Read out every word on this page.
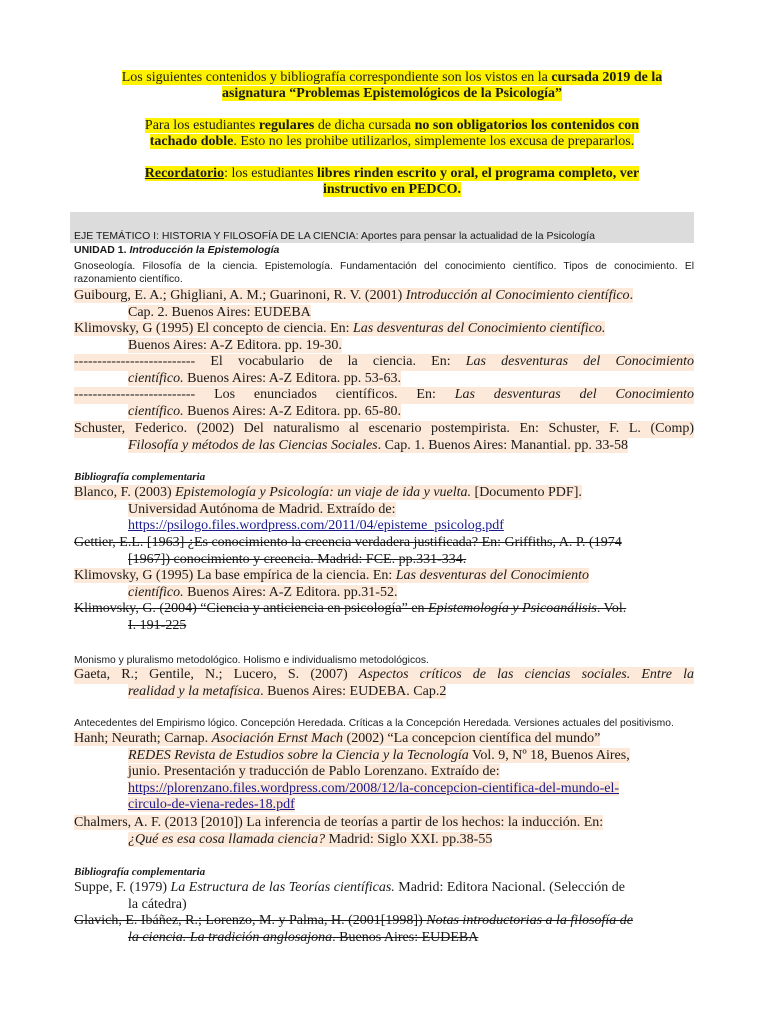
Los siguientes contenidos y bibliografía correspondiente son los vistos en la cursada 2019 de la
asignatura “Problemas Epistemológicos de la Psicología”
Para los estudiantes regulares de dicha cursada no son obligatorios los contenidos con
tachado doble. Esto no les prohibe utilizarlos, simplemente los excusa de prepararlos.
Recordatorio: los estudiantes libres rinden escrito y oral, el programa completo, ver
instructivo en PEDCO.
EJE TEMÁTICO I: HISTORIA Y FILOSOFÍA DE LA CIENCIA: Aportes para pensar la actualidad de la Psicología
UNIDAD 1. Introducción la Epistemología
Gnoseología. Filosofía de la ciencia. Epistemología. Fundamentación del conocimiento científico. Tipos de conocimiento. El
razonamiento científico.
Guibourg, E. A.; Ghigliani, A. M.; Guarinoni, R. V. (2001) Introducción al Conocimiento científico.
Cap. 2. Buenos Aires: EUDEBA
Klimovsky, G (1995) El concepto de ciencia. En: Las desventuras del Conocimiento científico.
Buenos Aires: A-Z Editora. pp. 19-30.
-------------------------- El vocabulario de la ciencia. En: Las desventuras del Conocimiento
científico. Buenos Aires: A-Z Editora. pp. 53-63.
-------------------------- Los enunciados científicos. En: Las desventuras del Conocimiento
científico. Buenos Aires: A-Z Editora. pp. 65-80.
Schuster, Federico. (2002) Del naturalismo al escenario postempirista. En: Schuster, F. L. (Comp)
Filosofía y métodos de las Ciencias Sociales. Cap. 1. Buenos Aires: Manantial. pp. 33-58
Bibliografía complementaria
Blanco, F. (2003) Epistemología y Psicología: un viaje de ida y vuelta. [Documento PDF].
Universidad Autónoma de Madrid. Extraído de:
https://psilogo.files.wordpress.com/2011/04/episteme_psicolog.pdf
Gettier, E.L. [1963] ¿Es conocimiento la creencia verdadera justificada? En: Griffiths, A. P. (1974
[1967]) conocimiento y creencia. Madrid: FCE. pp.331-334.
Klimovsky, G (1995) La base empírica de la ciencia. En: Las desventuras del Conocimiento
científico. Buenos Aires: A-Z Editora. pp.31-52.
Klimovsky, G. (2004) “Ciencia y anticiencia en psicología” en Epistemología y Psicoanálisis. Vol.
I. 191-225
Monismo y pluralismo metodológico. Holismo e individualismo metodológicos.
Gaeta, R.; Gentile, N.; Lucero, S. (2007) Aspectos críticos de las ciencias sociales. Entre la
realidad y la metafísica. Buenos Aires: EUDEBA. Cap.2
Antecedentes del Empirismo lógico. Concepción Heredada. Críticas a la Concepción Heredada. Versiones actuales del positivismo.
Hanh; Neurath; Carnap. Asociación Ernst Mach (2002) “La concepcion científica del mundo”
REDES Revista de Estudios sobre la Ciencia y la Tecnología Vol. 9, Nº 18, Buenos Aires,
junio. Presentación y traducción de Pablo Lorenzano. Extraído de:
https://plorenzano.files.wordpress.com/2008/12/la-concepcion-cientifica-del-mundo-el-
circulo-de-viena-redes-18.pdf
Chalmers, A. F. (2013 [2010]) La inferencia de teorías a partir de los hechos: la inducción. En:
¿Qué es esa cosa llamada ciencia? Madrid: Siglo XXI. pp.38-55
Bibliografía complementaria
Suppe, F. (1979) La Estructura de las Teorías científicas. Madrid: Editora Nacional. (Selección de
la cátedra)
Glavich, E. Ibáñez, R.; Lorenzo, M. y Palma, H. (2001[1998]) Notas introductorias a la filosofía de
la ciencia. La tradición anglosajona. Buenos Aires: EUDEBA
